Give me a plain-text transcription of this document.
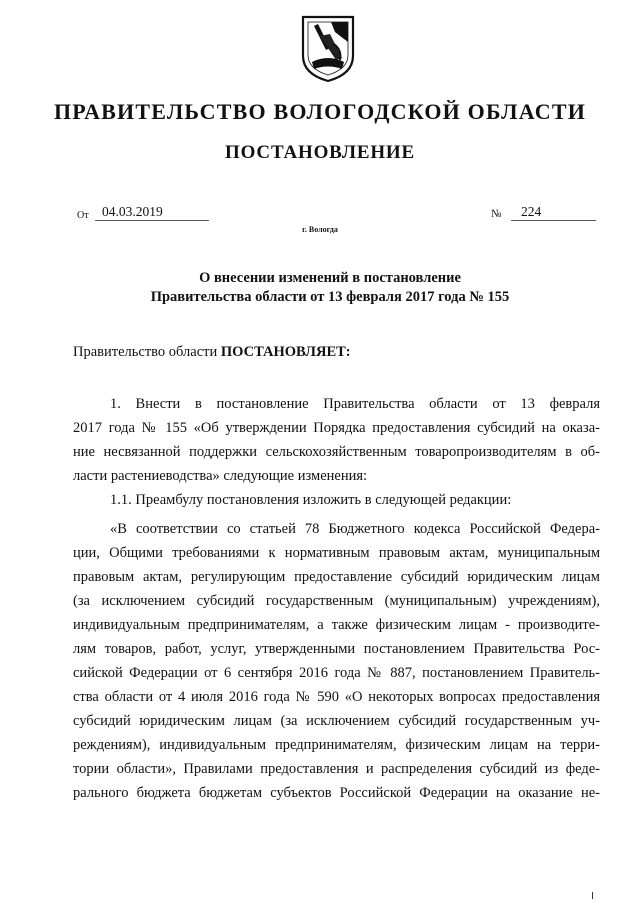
ПРАВИТЕЛЬСТВО ВОЛОГОДСКОЙ ОБЛАСТИ
ПОСТАНОВЛЕНИЕ
От 04.03.2019	№	224
г. Вологда
О внесении изменений в постановление
Правительства области от 13 февраля 2017 года № 155
Правительство области ПОСТАНОВЛЯЕТ:
1. Внести в постановление Правительства области от 13 февраля
2017 года № 155 «Об утверждении Порядка предоставления субсидий на оказа-
ние несвязанной поддержки сельскохозяйственным товаропроизводителям в об-
ласти растениеводства» следующие изменения:
1.1. Преамбулу постановления изложить в следующей редакции:
«В соответствии со статьей 78 Бюджетного кодекса Российской Федера-
ции, Общими требованиями к нормативным правовым актам, муниципальным
правовым актам, регулирующим предоставление субсидий юридическим лицам
(за исключением субсидий государственным (муниципальным) учреждениям),
индивидуальным предпринимателям, а также физическим лицам - производите-
лям товаров, работ, услуг, утвержденными постановлением Правительства Рос-
сийской Федерации от 6 сентября 2016 года № 887, постановлением Правитель-
ства области от 4 июля 2016 года № 590 «О некоторых вопросах предоставления
субсидий юридическим лицам (за исключением субсидий государственным уч-
реждениям), индивидуальным предпринимателям, физическим лицам на терри-
тории области», Правилами предоставления и распределения субсидий из феде-
рального бюджета бюджетам субъектов Российской Федерации на оказание не-
